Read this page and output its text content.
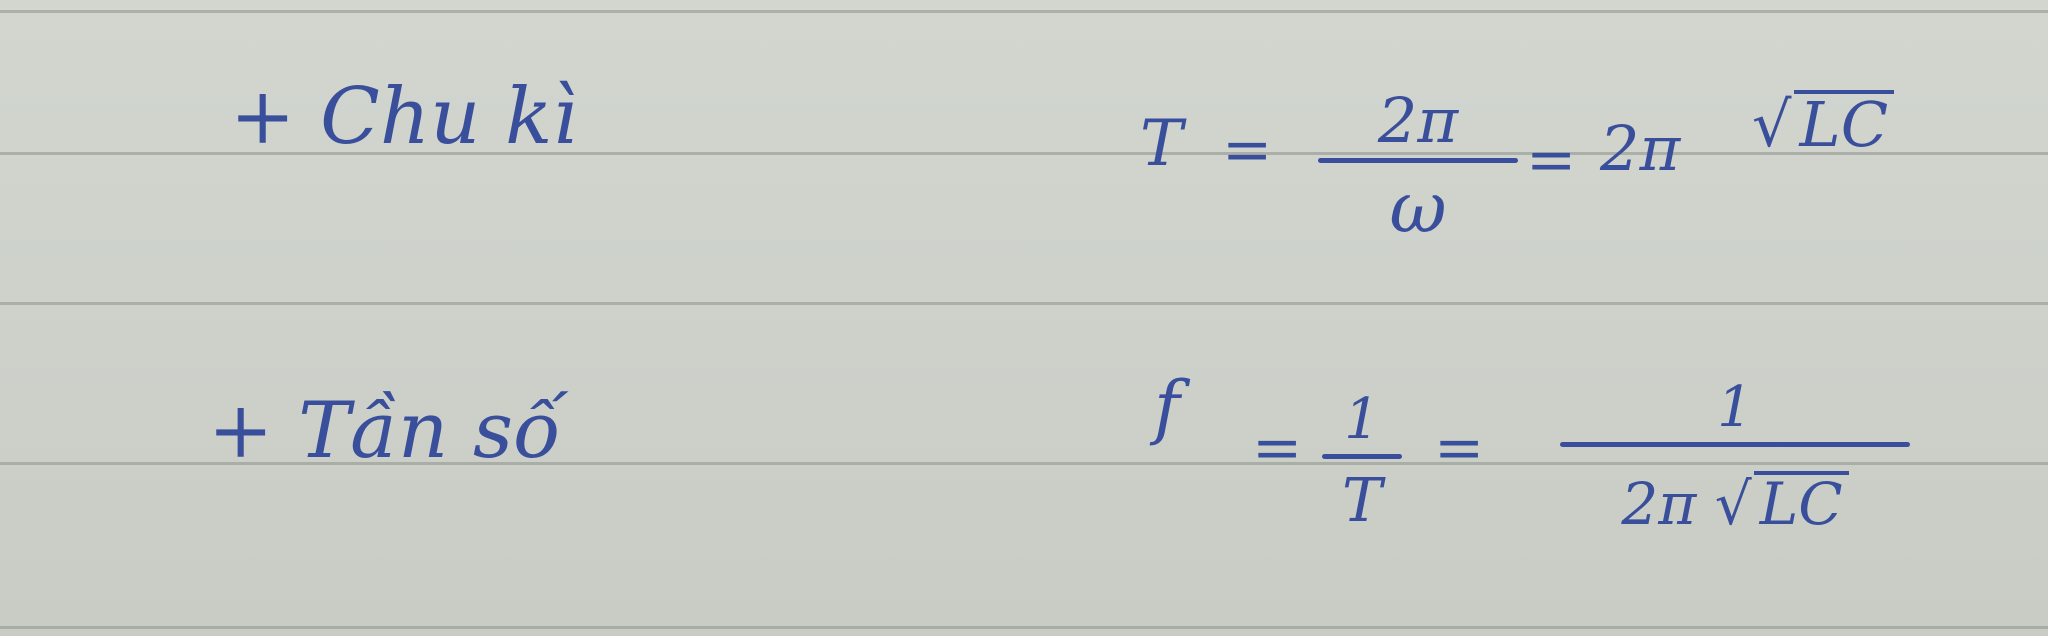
+ Chu kì	T =	2π
ω
= 2π √ LC
+ Tần số	f = 1
T
=
1
2π √ LC
